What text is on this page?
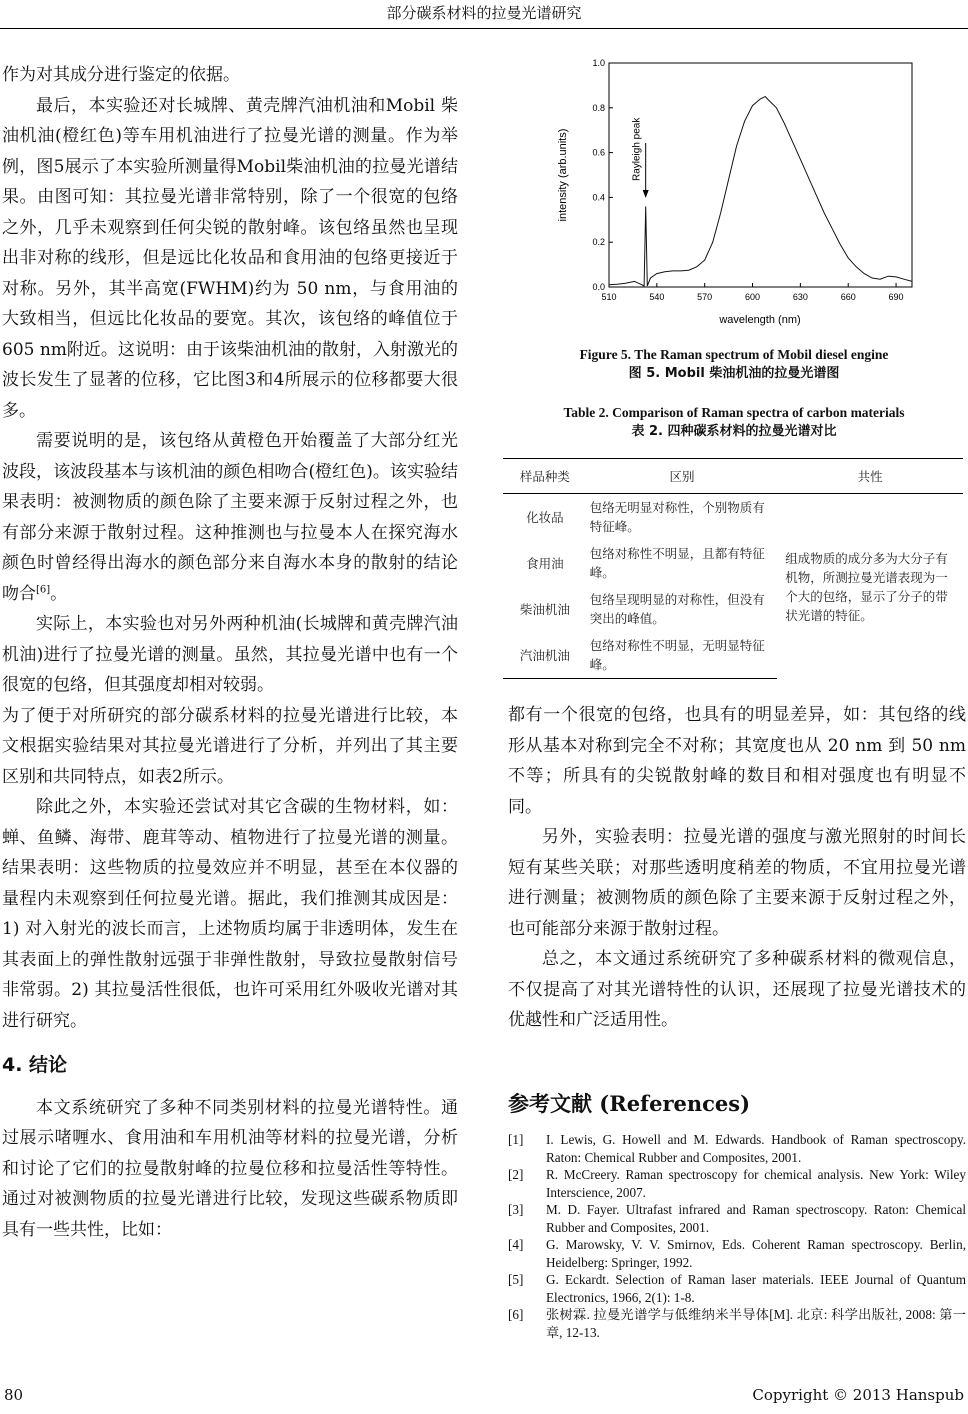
部分碳系材料的拉曼光谱研究

作为对其成分进行鉴定的依据。

最后，本实验还对长城牌、黄壳牌汽油机油和Mobil 柴油机油(橙红色)等车用机油进行了拉曼光谱的测量。作为举例，图5展示了本实验所测量得Mobil柴油机油的拉曼光谱结果。由图可知：其拉曼光谱非常特别，除了一个很宽的包络之外，几乎未观察到任何尖锐的散射峰。该包络虽然也呈现出非对称的线形，但是远比化妆品和食用油的包络更接近于对称。另外，其半高宽(FWHM)约为 50 nm，与食用油的大致相当，但远比化妆品的要宽。其次，该包络的峰值位于605 nm附近。这说明：由于该柴油机油的散射，入射激光的波长发生了显著的位移，它比图3和4所展示的位移都要大很多。

需要说明的是，该包络从黄橙色开始覆盖了大部分红光波段，该波段基本与该机油的颜色相吻合(橙红色)。该实验结果表明：被测物质的颜色除了主要来源于反射过程之外，也有部分来源于散射过程。这种推测也与拉曼本人在探究海水颜色时曾经得出海水的颜色部分来自海水本身的散射的结论吻合[6]。

实际上，本实验也对另外两种机油(长城牌和黄壳牌汽油机油)进行了拉曼光谱的测量。虽然，其拉曼光谱中也有一个很宽的包络，但其强度却相对较弱。

为了便于对所研究的部分碳系材料的拉曼光谱进行比较，本文根据实验结果对其拉曼光谱进行了分析，并列出了其主要区别和共同特点，如表2所示。

除此之外，本实验还尝试对其它含碳的生物材料，如：蝉、鱼鳞、海带、鹿茸等动、植物进行了拉曼光谱的测量。结果表明：这些物质的拉曼效应并不明显，甚至在本仪器的量程内未观察到任何拉曼光谱。据此，我们推测其成因是：1) 对入射光的波长而言，上述物质均属于非透明体，发生在其表面上的弹性散射远强于非弹性散射，导致拉曼散射信号非常弱。2) 其拉曼活性很低，也许可采用红外吸收光谱对其进行研究。

4. 结论

本文系统研究了多种不同类别材料的拉曼光谱特性。通过展示啫喱水、食用油和车用机油等材料的拉曼光谱，分析和讨论了它们的拉曼散射峰的拉曼位移和拉曼活性等特性。通过对被测物质的拉曼光谱进行比较，发现这些碳系物质即具有一些共性，比如：

510	540	570	600	630	660	690
0.0
0.2
0.4
0.6
0.8
1.0
Rayleigh peak
wavelength (nm)
intensity (arb.units)
Figure 5. The Raman spectrum of Mobil diesel engine
图 5. Mobil 柴油机油的拉曼光谱图
Table 2. Comparison of Raman spectra of carbon materials
表 2. 四种碳系材料的拉曼光谱对比
样品种类	区别	共性
化妆品	包络无明显对称性，个别物质有特征峰。	组成物质的成分多为大分子有机物，所测拉曼光谱表现为一个大的包络，显示了分子的带状光谱的特征。
食用油	包络对称性不明显，且都有特征峰。	
柴油机油	包络呈现明显的对称性，但没有突出的峰值。	
汽油机油	包络对称性不明显，无明显特征峰。	

都有一个很宽的包络，也具有的明显差异，如：其包络的线形从基本对称到完全不对称；其宽度也从 20 nm 到 50 nm 不等；所具有的尖锐散射峰的数目和相对强度也有明显不同。

另外，实验表明：拉曼光谱的强度与激光照射的时间长短有某些关联；对那些透明度稍差的物质，不宜用拉曼光谱进行测量；被测物质的颜色除了主要来源于反射过程之外，也可能部分来源于散射过程。

总之，本文通过系统研究了多种碳系材料的微观信息，不仅提高了对其光谱特性的认识，还展现了拉曼光谱技术的优越性和广泛适用性。

参考文献 (References)
[1]	I. Lewis, G. Howell and M. Edwards. Handbook of Raman spectroscopy. Raton: Chemical Rubber and Composites, 2001.
[2]	R. McCreery. Raman spectroscopy for chemical analysis. New York: Wiley Interscience, 2007.
[3]	M. D. Fayer. Ultrafast infrared and Raman spectroscopy. Raton: Chemical Rubber and Composites, 2001.
[4]	G. Marowsky, V. V. Smirnov, Eds. Coherent Raman spectroscopy. Berlin, Heidelberg: Springer, 1992.
[5]	G. Eckardt. Selection of Raman laser materials. IEEE Journal of Quantum Electronics, 1966, 2(1): 1-8.
[6]	张树霖. 拉曼光谱学与低维纳米半导体[M]. 北京: 科学出版社, 2008: 第一章, 12-13.
80	Copyright © 2013 Hanspub
